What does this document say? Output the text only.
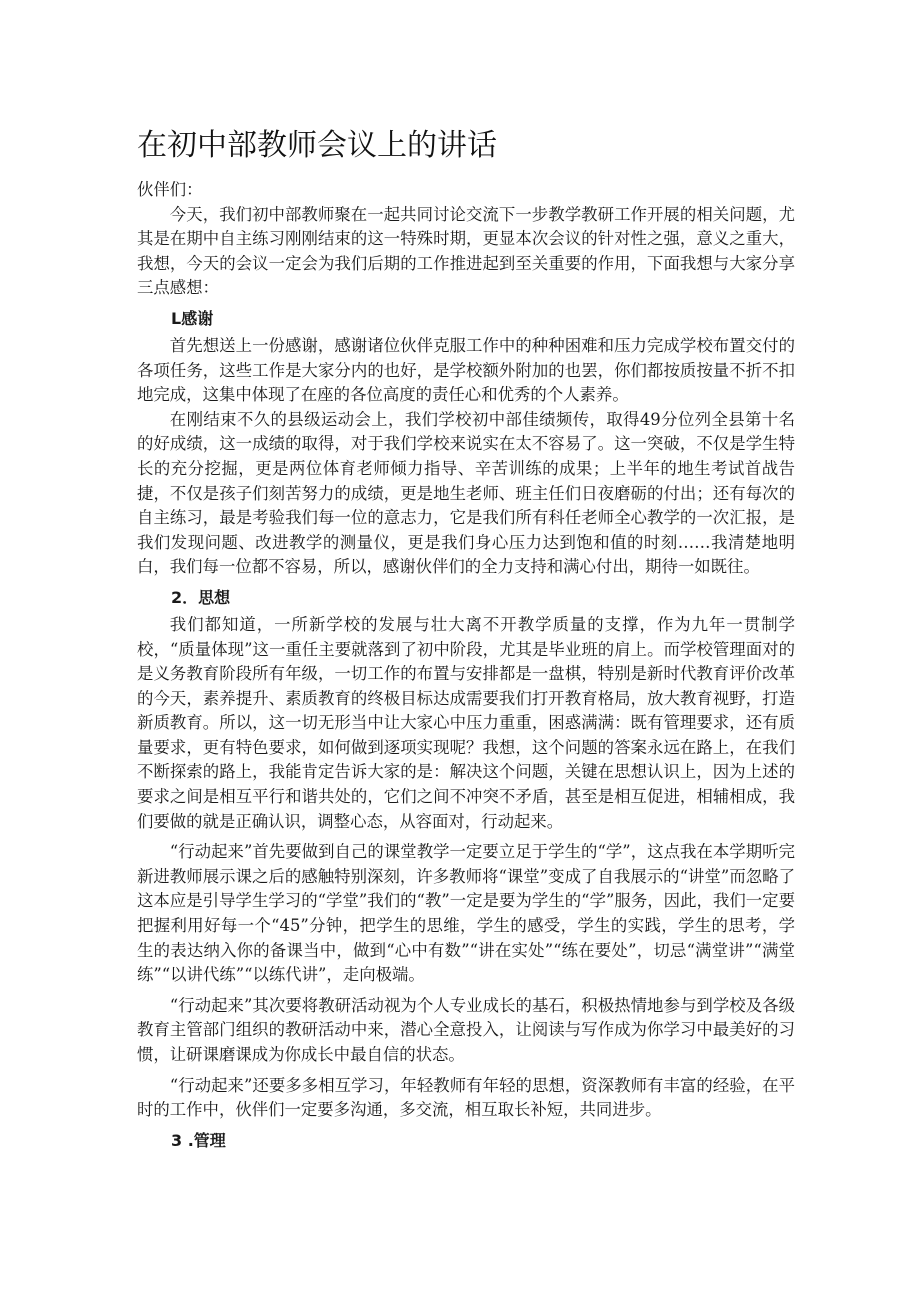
在初中部教师会议上的讲话

伙伴们：

今天，我们初中部教师聚在一起共同讨论交流下一步教学教研工作开展的相关问题，尤其是在期中自主练习刚刚结束的这一特殊时期，更显本次会议的针对性之强，意义之重大，我想，今天的会议一定会为我们后期的工作推进起到至关重要的作用，下面我想与大家分享三点感想：

L感谢

首先想送上一份感谢，感谢诸位伙伴克服工作中的种种困难和压力完成学校布置交付的各项任务，这些工作是大家分内的也好，是学校额外附加的也罢，你们都按质按量不折不扣地完成，这集中体现了在座的各位高度的责任心和优秀的个人素养。

在刚结束不久的县级运动会上，我们学校初中部佳绩频传，取得49分位列全县第十名的好成绩，这一成绩的取得，对于我们学校来说实在太不容易了。这一突破，不仅是学生特长的充分挖掘，更是两位体育老师倾力指导、辛苦训练的成果；上半年的地生考试首战告捷，不仅是孩子们刻苦努力的成绩，更是地生老师、班主任们日夜磨砺的付出；还有每次的自主练习，最是考验我们每一位的意志力，它是我们所有科任老师全心教学的一次汇报，是我们发现问题、改进教学的测量仪，更是我们身心压力达到饱和值的时刻……我清楚地明白，我们每一位都不容易，所以，感谢伙伴们的全力支持和满心付出，期待一如既往。

2．思想

我们都知道，一所新学校的发展与壮大离不开教学质量的支撑，作为九年一贯制学校，“质量体现”这一重任主要就落到了初中阶段，尤其是毕业班的肩上。而学校管理面对的是义务教育阶段所有年级，一切工作的布置与安排都是一盘棋，特别是新时代教育评价改革的今天，素养提升、素质教育的终极目标达成需要我们打开教育格局，放大教育视野，打造新质教育。所以，这一切无形当中让大家心中压力重重，困惑满满：既有管理要求，还有质量要求，更有特色要求，如何做到逐项实现呢？我想，这个问题的答案永远在路上，在我们不断探索的路上，我能肯定告诉大家的是：解决这个问题，关键在思想认识上，因为上述的要求之间是相互平行和谐共处的，它们之间不冲突不矛盾，甚至是相互促进，相辅相成，我们要做的就是正确认识，调整心态，从容面对，行动起来。

“行动起来”首先要做到自己的课堂教学一定要立足于学生的“学”，这点我在本学期听完新进教师展示课之后的感触特别深刻，许多教师将“课堂”变成了自我展示的“讲堂”而忽略了这本应是引导学生学习的“学堂”我们的“教”一定是要为学生的“学”服务，因此，我们一定要把握利用好每一个“45”分钟，把学生的思维，学生的感受，学生的实践，学生的思考，学生的表达纳入你的备课当中，做到“心中有数”“讲在实处”“练在要处”，切忌“满堂讲”“满堂练”“以讲代练”“以练代讲”，走向极端。

“行动起来”其次要将教研活动视为个人专业成长的基石，积极热情地参与到学校及各级教育主管部门组织的教研活动中来，潜心全意投入，让阅读与写作成为你学习中最美好的习惯，让研课磨课成为你成长中最自信的状态。

“行动起来”还要多多相互学习，年轻教师有年轻的思想，资深教师有丰富的经验，在平时的工作中，伙伴们一定要多沟通，多交流，相互取长补短，共同进步。

3 .管理
